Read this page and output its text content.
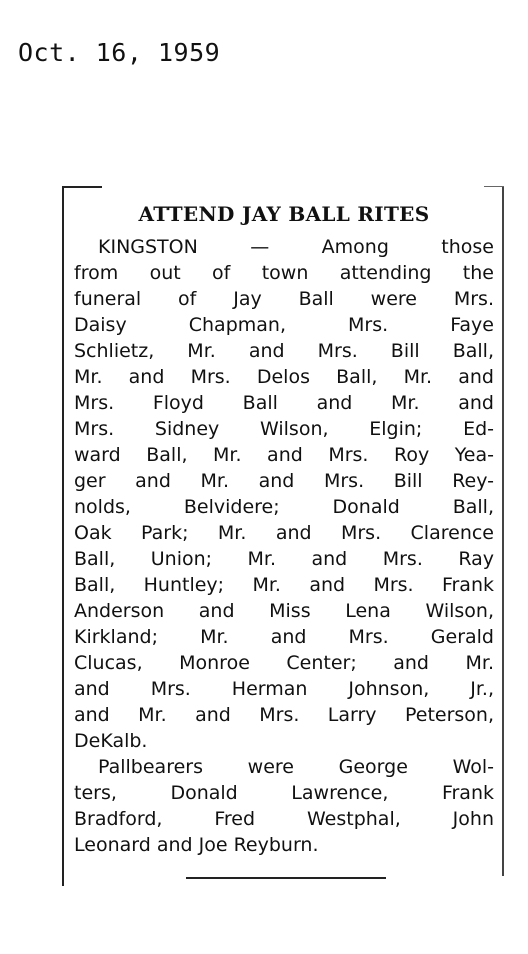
Oct. 16, 1959
ATTEND JAY BALL RITES

KINGSTON — Among those

from out of town attending the

funeral of Jay Ball were Mrs.

Daisy Chapman, Mrs. Faye

Schlietz, Mr. and Mrs. Bill Ball,

Mr. and Mrs. Delos Ball, Mr. and

Mrs. Floyd Ball and Mr. and

Mrs. Sidney Wilson, Elgin; Ed-

ward Ball, Mr. and Mrs. Roy Yea-

ger and Mr. and Mrs. Bill Rey-

nolds, Belvidere; Donald Ball,

Oak Park; Mr. and Mrs. Clarence

Ball, Union; Mr. and Mrs. Ray

Ball, Huntley; Mr. and Mrs. Frank

Anderson and Miss Lena Wilson,

Kirkland; Mr. and Mrs. Gerald

Clucas, Monroe Center; and Mr.

and Mrs. Herman Johnson, Jr.,

and Mr. and Mrs. Larry Peterson,

DeKalb.

Pallbearers were George Wol-

ters, Donald Lawrence, Frank

Bradford, Fred Westphal, John

Leonard and Joe Reyburn.
